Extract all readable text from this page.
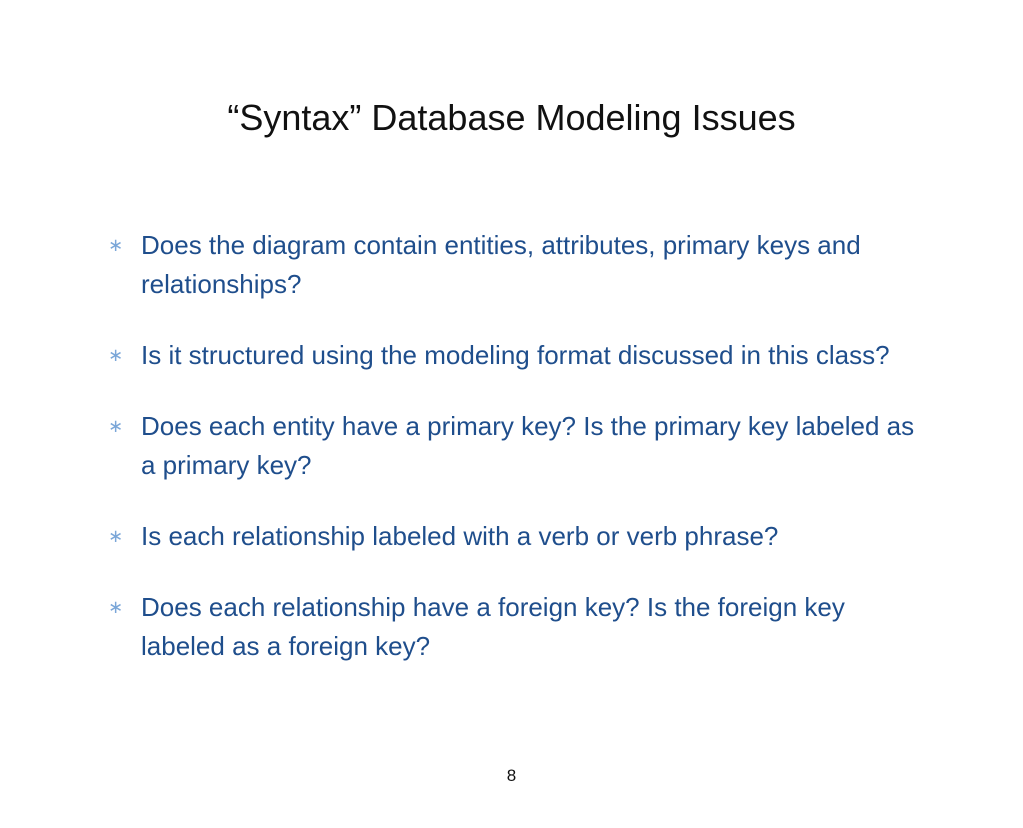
“Syntax” Database Modeling Issues
∗ Does the diagram contain entities, attributes, primary keys and relationships?
∗ Is it structured using the modeling format discussed in this class?
∗ Does each entity have a primary key? Is the primary key labeled as a primary key?
∗ Is each relationship labeled with a verb or verb phrase?
∗ Does each relationship have a foreign key? Is the foreign key labeled as a foreign key?
8
